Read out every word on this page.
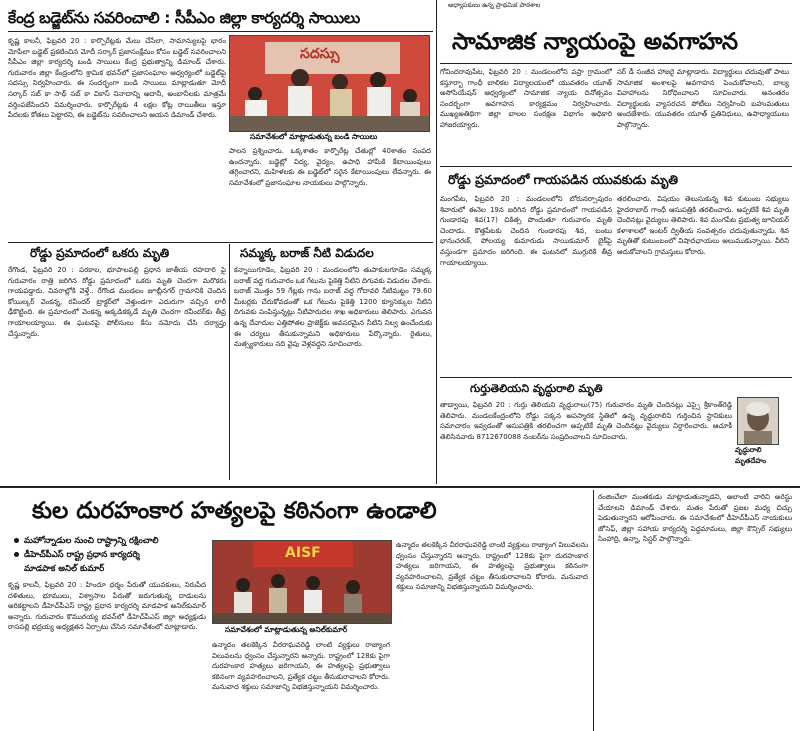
అధ్యాపకులు ఉన్న ప్రాథమిక పాఠశాల
కేంద్ర బడ్జెట్‌ను సవరించాలి : సీపీఎం జిల్లా కార్యదర్శి సాయిలు

కృష్ణ కాలనీ, ఫిబ్రవరి 20 : కార్పొరేట్లకు మేలు చేసేలా, సామాన్యులపై భారం మోపేలా బడ్జెట్ ప్రకటించిన మోదీ సర్కార్ ప్రజాసంక్షేమం కోసం బడ్జెట్ సవరించాలని సీపీఎం జిల్లా కార్యదర్శి బండి సాయిలు కేంద్ర ప్రభుత్వాన్ని డిమాండ్ చేశారు. గురువారం జిల్లా కేంద్రంలోని శ్రామిక భవన్‌లో ప్రజాసంఘాల ఆధ్వర్యంలో బడ్జెట్‌పై సదస్సు నిర్వహించారు. ఈ సందర్భంగా బండి సాయిలు మాట్లాడుతూ మోదీ సర్కార్ సబ్ కా సాథ్ సబ్ కా వికాస్ నినాదాన్ని అదానీ, అంబానీలకు మాత్రమే వర్తింపజేసిందని విమర్శించారు. కార్పొరేట్లకు 4 లక్షల కోట్ల రాయితీలు ఇస్తూ పేదలకు కోతలు పెట్టారని, ఈ బడ్జెట్‌ను సవరించాలని ఆయన డిమాండ్ చేశారు.

సదస్సు
సమావేశంలో మాట్లాడుతున్న బండి సాయిలు

పాలన ప్రశ్నించారు. ఒక్కశాతం కార్పొరేట్ల చేతుల్లో 40శాతం సంపద ఉందన్నారు. బడ్జెట్లో విద్య, వైద్యం, ఉపాధి హామీకి కేటాయింపులు తగ్గించారని, మహిళలకు ఈ బడ్జెట్‌లో సరైన కేటాయింపులు లేవన్నారు. ఈ సమావేశంలో ప్రజాసంఘాల నాయకులు పాల్గొన్నారు.

సామాజిక న్యాయంపై అవగాహన

గోవిందరావుపేట, ఫిబ్రవరి 20 : మండలంలోని పస్రా గ్రామంలో కస్తూర్బా గాంధీ బాలికల విద్యాలయంలో యువతరం యూత్ అసోసియేషన్ ఆధ్వర్యంలో సామాజిక న్యాయ దినోత్సవం సందర్భంగా అవగాహన కార్యక్రమం నిర్వహించారు. ముఖ్యఅతిథిగా జిల్లా బాలల సంరక్షణ విభాగం అధికారి హాజరయ్యారు.

సర్ డీ సంజీవ హాజరై మాట్లాడారు. విద్యార్థులు చదువుతో పాటు సామాజిక అంశాలపై అవగాహన పెంచుకోవాలని, బాల్య వివాహాలను నిరోధించాలని సూచించారు. అనంతరం విద్యార్థులకు వ్యాసరచన పోటీలు నిర్వహించి బహుమతులు అందజేశారు. యువతరం యూత్ ప్రతినిధులు, ఉపాధ్యాయులు పాల్గొన్నారు.

రోడ్డు ప్రమాదంలో గాయపడిన యువకుడు మృతి

మంగపేట, ఫిబ్రవరి 20 : మండలంలోని బోరునర్సాపురం శివారులో ఈనెల 19న జరిగిన రోడ్డు ప్రమాదంలో గాయపడిన గుండారపు శివ(17) చికిత్స పొందుతూ గురువారం మృతి చెందాడు. కొత్తపేటకు చెందిన గుండారపు శివ, బంటు భానుచరణ్, పోలయ్య కుమారుడు సాయికుమార్ బైక్‌పై వస్తుండగా ప్రమాదం జరిగింది. ఈ ఘటనలో ముగ్గురికి తీవ్ర గాయాలయ్యాయి.

తరలించారు. విషయం తెలుసుకున్న శివ కుటుంబ సభ్యులు హైదరాబాద్ గాంధీ ఆసుపత్రికి తరలించారు. అప్పటికే శివ మృతి చెందినట్లు వైద్యులు తెలిపారు. శివ మంగపేట ప్రభుత్వ జూనియర్ కళాశాలలో ఇంటర్ ద్వితీయ సంవత్సరం చదువుతున్నాడు. శివ మృతితో కుటుంబంలో విషాదఛాయలు అలుముకున్నాయి. వీరిని ఆదుకోవాలని గ్రామస్తులు కోరారు.

రోడ్డు ప్రమాదంలో ఒకరు మృతి

రేగొండ, ఫిబ్రవరి 20 : పరకాల, భూపాలపల్లి ప్రధాన జాతీయ రహదారి పై గురువారం రాత్రి జరిగిన రోడ్డు ప్రమాదంలో ఒకరు మృతి చెందగా మరొకరు గాయపడ్డారు. వివరాల్లోకి వెళ్తే.. రేగొండ మండలం జూబ్లీనగర్ గ్రామానికి చెందిన కోయిల్కర్ వెంకన్న, రవీందర్ ట్రాక్టర్‌లో వెళ్తుండగా ఎదురుగా వచ్చిన లారీ ఢీకొట్టింది. ఈ ప్రమాదంలో వెంకన్న అక్కడికక్కడే మృతి చెందగా రవీందర్‌కు తీవ్ర గాయాలయ్యాయి. ఈ ఘటనపై పోలీసులు కేసు నమోదు చేసి దర్యాప్తు చేస్తున్నారు.

సమ్మక్క బరాజ్ నీటి విడుదల

కన్నాయిగూడెం, ఫిబ్రవరి 20 : మండలంలోని తుపాకులగూడెం సమ్మక్క బరాజ్ వద్ద గురువారం ఒక గేటును పైకెత్తి నీటిని దిగువకు విడుదల చేశారు. బరాజ్ మొత్తం 59 గేట్లకు గాను బరాజ్ వద్ద గోదావరి నీటిమట్టం 79.60 మీటర్లకు చేరుకోవడంతో ఒక గేటును పైకెత్తి 1200 క్యూసెక్కుల నీటిని దిగువకు పంపిస్తున్నట్లు నీటిపారుదల శాఖ అధికారులు తెలిపారు. ఎగువన ఉన్న దేవాదుల ఎత్తిపోతల ప్రాజెక్ట్‌కు అవసరమైన నీటిని నిల్వ ఉంచేందుకు ఈ చర్యలు తీసుకున్నామని అధికారులు పేర్కొన్నారు. రైతులు, మత్స్యకారులు నది వైపు వెళ్లవద్దని సూచించారు.

గుర్తుతెలియని వృద్ధురాలి మృతి

తాడ్వాయి, ఫిబ్రవరి 20 : గుర్తు తెలియని వృద్ధురాలు(75) గురువారం మృతి చెందినట్లు ఎస్సై శ్రీకాంత్‌రెడ్డి తెలిపారు. మండలకేంద్రంలోని రోడ్డు పక్కన అపస్మారక స్థితిలో ఉన్న వృద్ధురాలిని గుర్తించిన స్థానికులు సమాచారం ఇవ్వడంతో ఆసుపత్రికి తరలించగా అప్పటికే మృతి చెందినట్లు వైద్యులు నిర్ధారించారు. ఆచూకీ తెలిసినవారు 8712670088 నంబర్‌ను సంప్రదించాలని సూచించారు.

వృద్ధురాలి
మృతదేహం
కుల దురహంకార హత్యలపై కఠినంగా ఉండాలి
మహోన్నాడుల నుంచి రాష్ట్రాన్ని రక్షించాలి
డీహెచ్‌పీఎస్ రాష్ట్ర ప్రధాన కార్యదర్శి
మాడపాక అనిల్ కుమార్

కృష్ణ కాలనీ, ఫిబ్రవరి 20 : హిందూ ధర్మం పేరుతో యువకులు, నిరుపేద దళితులు, భూములు, విశ్వాసాల పేరుతో జరుగుతున్న దాడులను అరికట్టాలని డీహెచ్‌పీఎస్ రాష్ట్ర ప్రధాన కార్యదర్శి మాడపాక అనిల్‌కుమార్ అన్నారు. గురువారం కొమురయ్య భవన్‌లో డీహెచ్‌పీఎస్ జిల్లా అధ్యక్షుడు రాసపల్లి భద్రయ్య అధ్యక్షతన ఏర్పాటు చేసిన సమావేశంలో మాట్లాడారు.

AISF
సమావేశంలో మాట్లాడుతున్న అనిల్‌కుమార్

ఉన్మాదం తలకెక్కిన వీరరాఘవరెడ్డి లాంటి వ్యక్తులు రాజ్యాంగ విలువలను ధ్వంసం చేస్తున్నారని అన్నారు. రాష్ట్రంలో 128కు పైగా దురహంకార హత్యలు జరిగాయని, ఈ హత్యలపై ప్రభుత్వాలు కఠినంగా వ్యవహరించాలని, ప్రత్యేక చట్టం తీసుకురావాలని కోరారు. మనువాద శక్తులు సమాజాన్ని విభజిస్తున్నాయని విమర్శించారు.

ఉన్మాదం తలకెక్కిన వీరరాఘవరెడ్డి లాంటి వ్యక్తులు రాజ్యాంగ విలువలను ధ్వంసం చేస్తున్నారని అన్నారు. రాష్ట్రంలో 128కు పైగా దురహంకార హత్యలు జరిగాయని, ఈ హత్యలపై ప్రభుత్వాలు కఠినంగా వ్యవహరించాలని, ప్రత్యేక చట్టం తీసుకురావాలని కోరారు. మనువాద శక్తులు సమాజాన్ని విభజిస్తున్నాయని విమర్శించారు.

రంజించేలా మంతకుడు మాట్లాడుతున్నాడని, అలాంటి వారిని అరెస్టు చేయాలని డిమాండ్ చేశారు. మతం పేరుతో ప్రజల మధ్య చిచ్చు పెడుతున్నారని ఆరోపించారు. ఈ సమావేశంలో డీహెచ్‌పీఎస్ నాయకులు జోసెఫ్, జిల్లా సహాయ కార్యదర్శి పెద్దమామలు, జిల్లా కౌన్సిల్ సభ్యులు సింహాద్రి, ఉన్నా, సిస్టర్ పాల్గొన్నారు.
